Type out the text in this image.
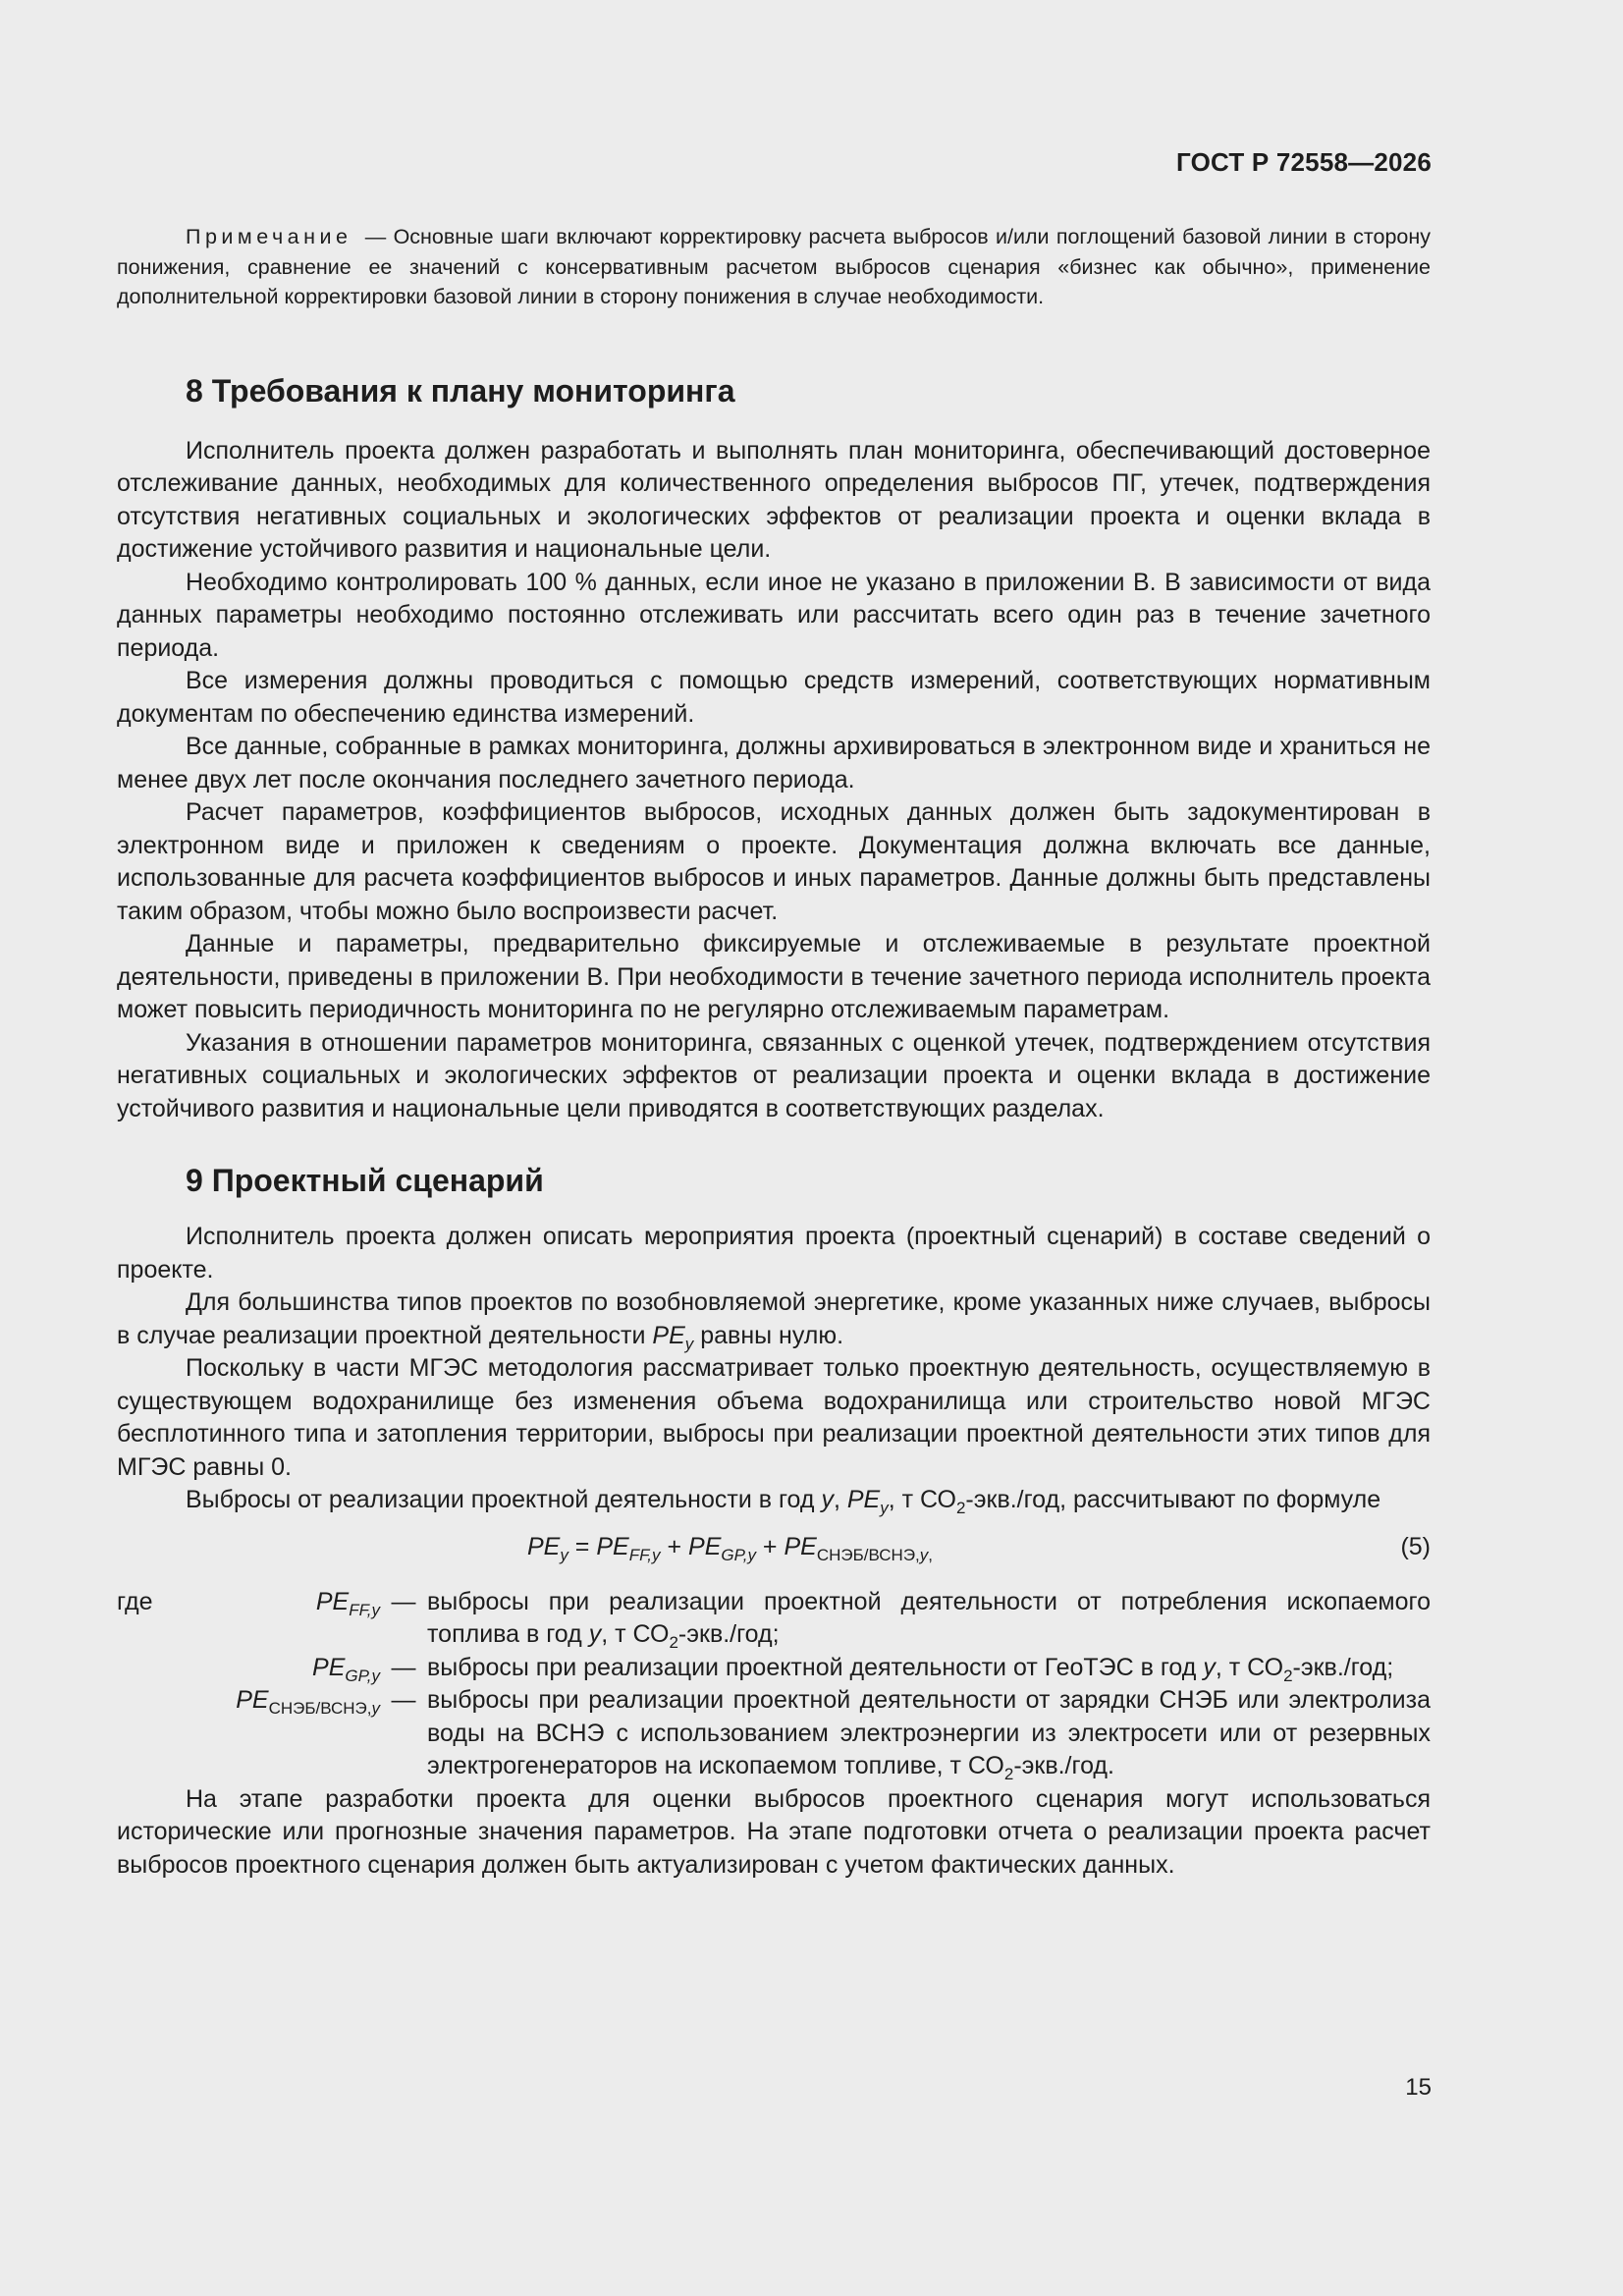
ГОСТ Р 72558—2026

Примечание — Основные шаги включают корректировку расчета выбросов и/или поглощений базовой линии в сторону понижения, сравнение ее значений с консервативным расчетом выбросов сценария «бизнес как обычно», применение дополнительной корректировки базовой линии в сторону понижения в случае необходимости.

8 Требования к плану мониторинга

Исполнитель проекта должен разработать и выполнять план мониторинга, обеспечивающий достоверное отслеживание данных, необходимых для количественного определения выбросов ПГ, утечек, подтверждения отсутствия негативных социальных и экологических эффектов от реализации проекта и оценки вклада в достижение устойчивого развития и национальные цели.

Необходимо контролировать 100 % данных, если иное не указано в приложении В. В зависимости от вида данных параметры необходимо постоянно отслеживать или рассчитать всего один раз в течение зачетного периода.

Все измерения должны проводиться с помощью средств измерений, соответствующих нормативным документам по обеспечению единства измерений.

Все данные, собранные в рамках мониторинга, должны архивироваться в электронном виде и храниться не менее двух лет после окончания последнего зачетного периода.

Расчет параметров, коэффициентов выбросов, исходных данных должен быть задокументирован в электронном виде и приложен к сведениям о проекте. Документация должна включать все данные, использованные для расчета коэффициентов выбросов и иных параметров. Данные должны быть представлены таким образом, чтобы можно было воспроизвести расчет.

Данные и параметры, предварительно фиксируемые и отслеживаемые в результате проектной деятельности, приведены в приложении В. При необходимости в течение зачетного периода исполнитель проекта может повысить периодичность мониторинга по не регулярно отслеживаемым параметрам.

Указания в отношении параметров мониторинга, связанных с оценкой утечек, подтверждением отсутствия негативных социальных и экологических эффектов от реализации проекта и оценки вклада в достижение устойчивого развития и национальные цели приводятся в соответствующих разделах.

9 Проектный сценарий

Исполнитель проекта должен описать мероприятия проекта (проектный сценарий) в составе сведений о проекте.

Для большинства типов проектов по возобновляемой энергетике, кроме указанных ниже случаев, выбросы в случае реализации проектной деятельности $PE_y$ равны нулю.

Поскольку в части МГЭС методология рассматривает только проектную деятельность, осуществляемую в существующем водохранилище без изменения объема водохранилища или строительство новой МГЭС бесплотинного типа и затопления территории, выбросы при реализации проектной деятельности этих типов для МГЭС равны 0.

Выбросы от реализации проектной деятельности в год y, $PE_y$, т $СО_2-экв$./год, рассчитывают по формуле

$PE_y = PE_{FF,y} + PE_{GP,y} + PE_{СНЭБ/ВСНЭ,y,}$	(5)
где	$PE_{FF,y}$ — выбросы при реализации проектной деятельности от потребления ископаемого топлива в год y, т $СО_2-экв$./год;
$PE_{GP,y}$ — выбросы при реализации проектной деятельности от ГеоТЭС в год y, т $СО_2-экв$./год;
$PE_{СНЭБ/ВСНЭ,y}$ — выбросы при реализации проектной деятельности от зарядки СНЭБ или электролиза воды на ВСНЭ с использованием электроэнергии из электросети или от резервных электрогенераторов на ископаемом топливе, т $СО_2-экв$./год.

На этапе разработки проекта для оценки выбросов проектного сценария могут использоваться исторические или прогнозные значения параметров. На этапе подготовки отчета о реализации проекта расчет выбросов проектного сценария должен быть актуализирован с учетом фактических данных.

15
